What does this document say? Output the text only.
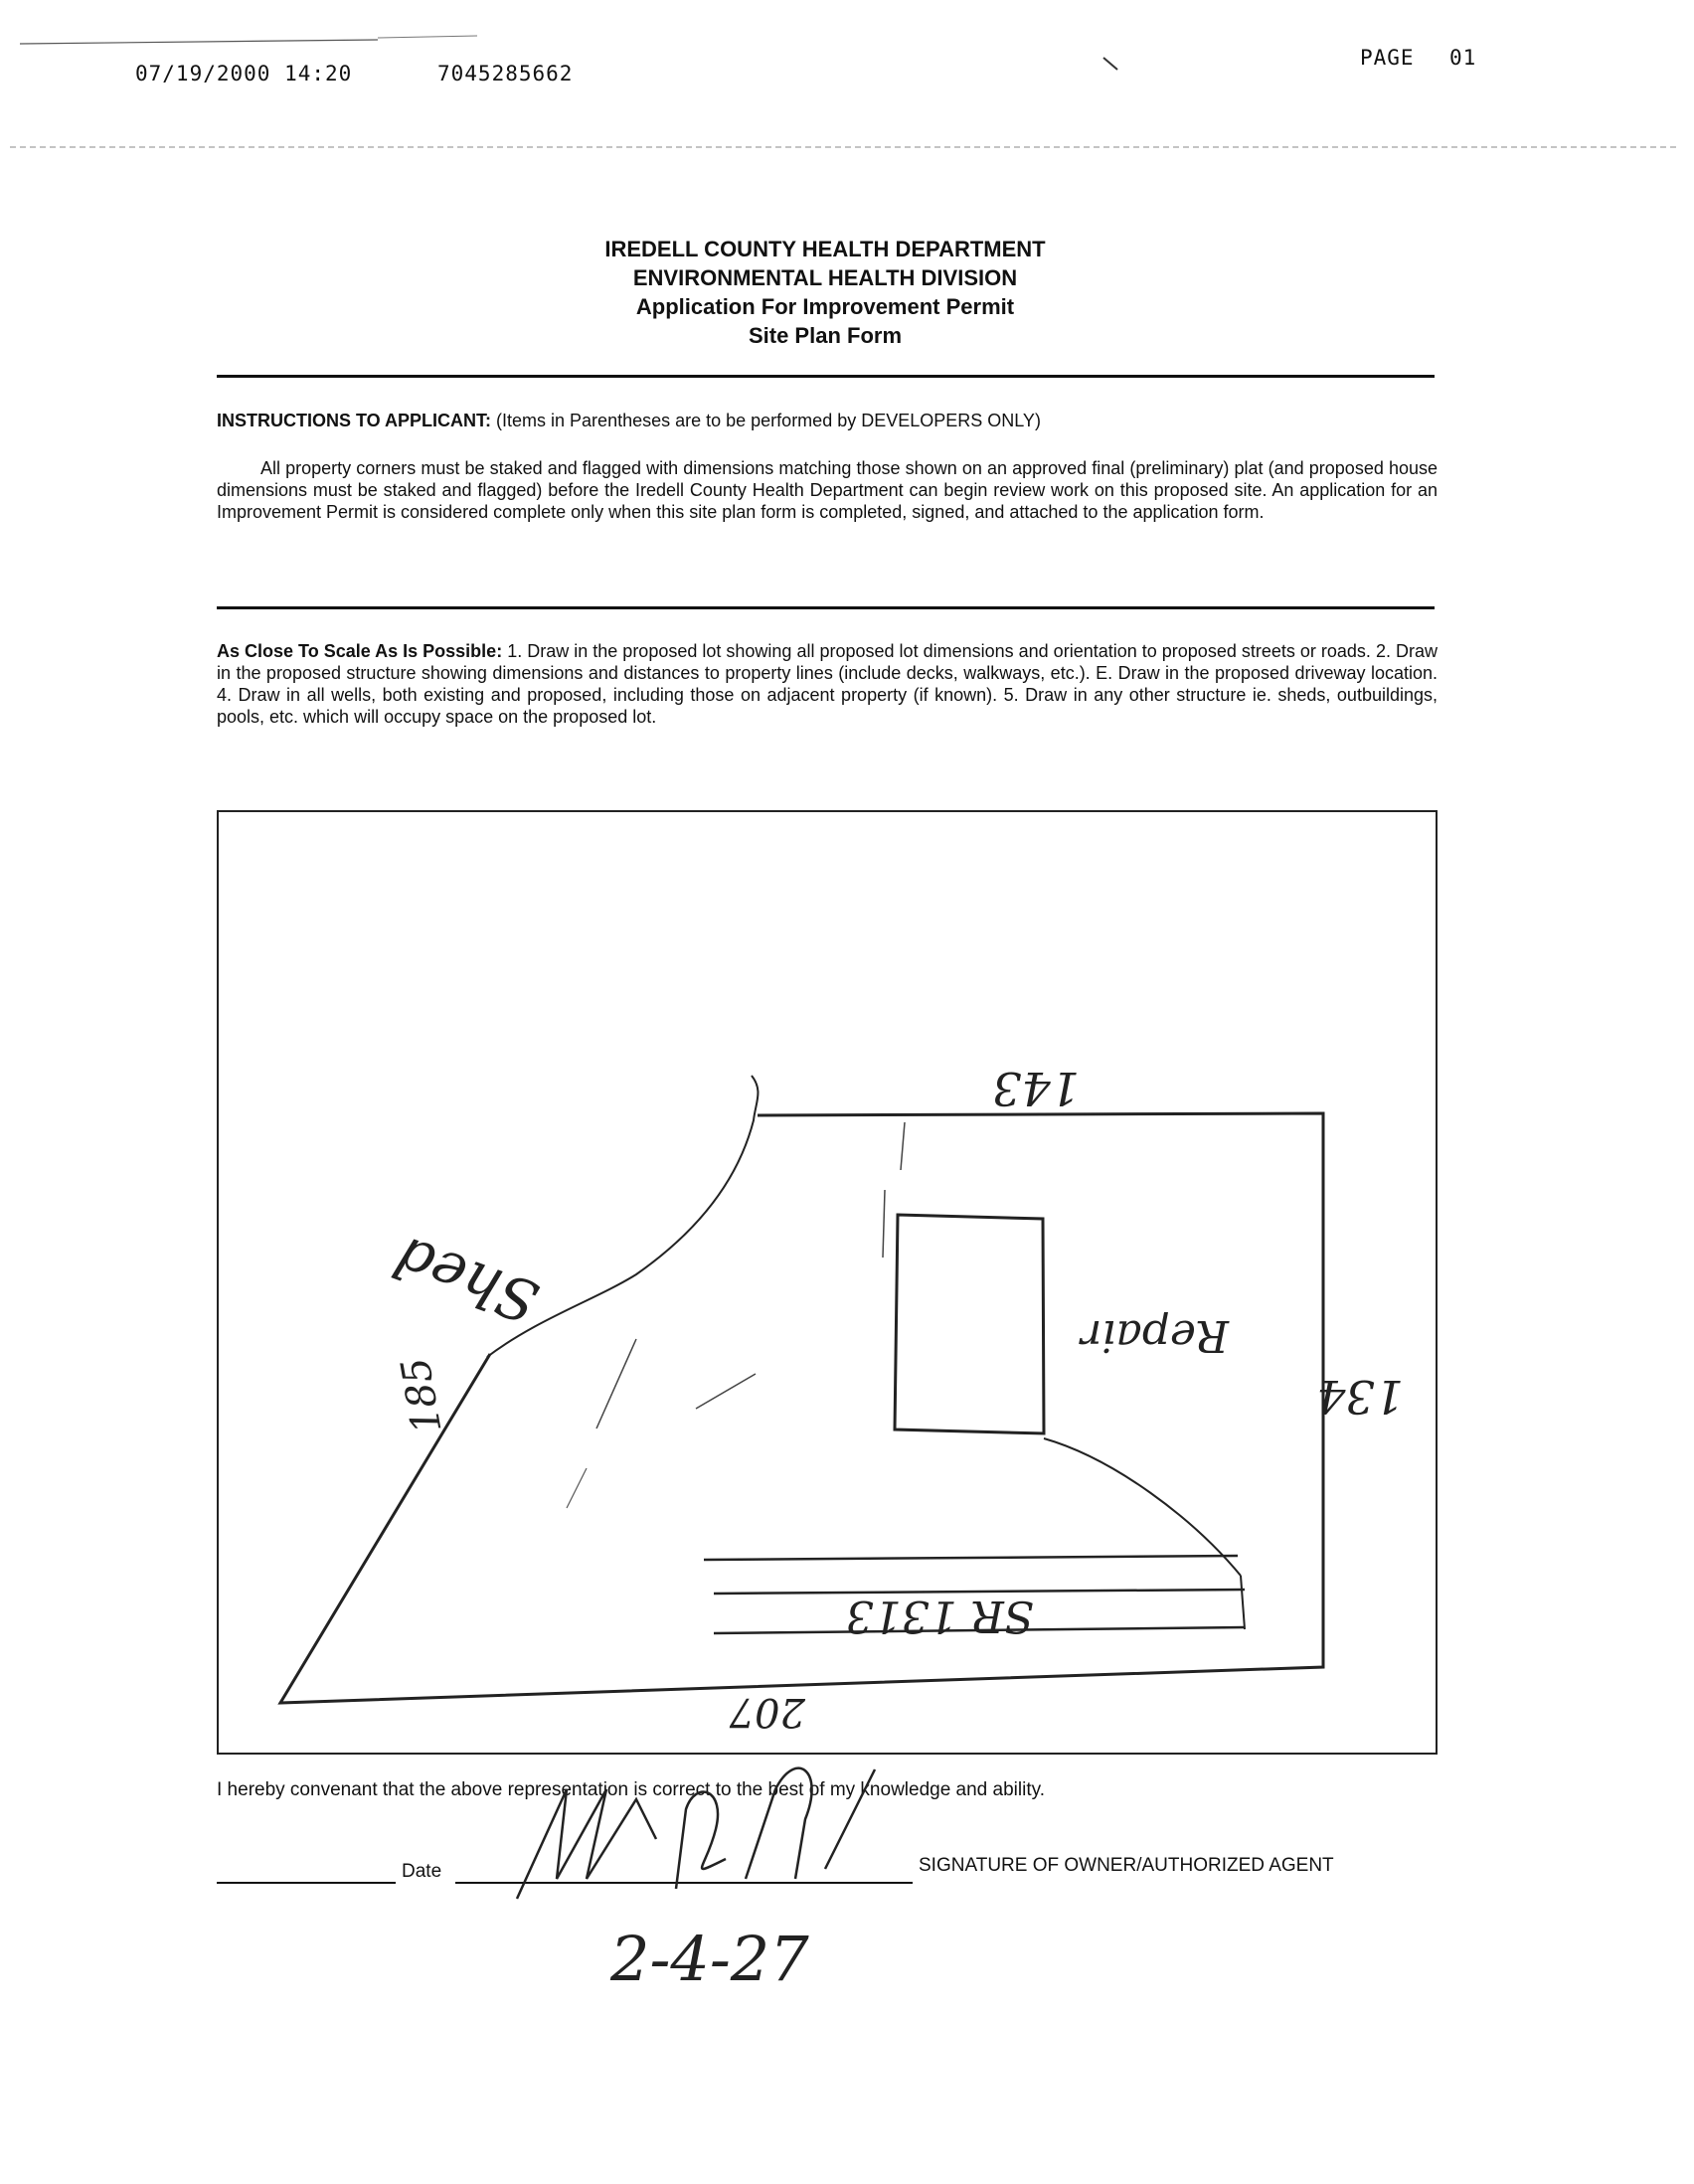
07/19/2000 14:20	7045285662
PAGE 01
IREDELL COUNTY HEALTH DEPARTMENT
ENVIRONMENTAL HEALTH DIVISION
Application For Improvement Permit
Site Plan Form
INSTRUCTIONS TO APPLICANT: (Items in Parentheses are to be performed by DEVELOPERS ONLY)
All property corners must be staked and flagged with dimensions matching those shown on an approved final (preliminary) plat (and proposed house dimensions must be staked and flagged) before the Iredell County Health Department can begin review work on this proposed site. An application for an Improvement Permit is considered complete only when this site plan form is completed, signed, and attached to the application form.
As Close To Scale As Is Possible: 1. Draw in the proposed lot showing all proposed lot dimensions and orientation to proposed streets or roads. 2. Draw in the proposed structure showing dimensions and distances to property lines (include decks, walkways, etc.). E. Draw in the proposed driveway location. 4. Draw in all wells, both existing and proposed, including those on adjacent property (if known). 5. Draw in any other structure ie. sheds, outbuildings, pools, etc. which will occupy space on the proposed lot.
143
134
185
207
SR 1313
Shed	Repair
I hereby convenant that the above representation is correct to the best of my knowledge and ability.
Date	SIGNATURE OF OWNER/AUTHORIZED AGENT
2-4-27
